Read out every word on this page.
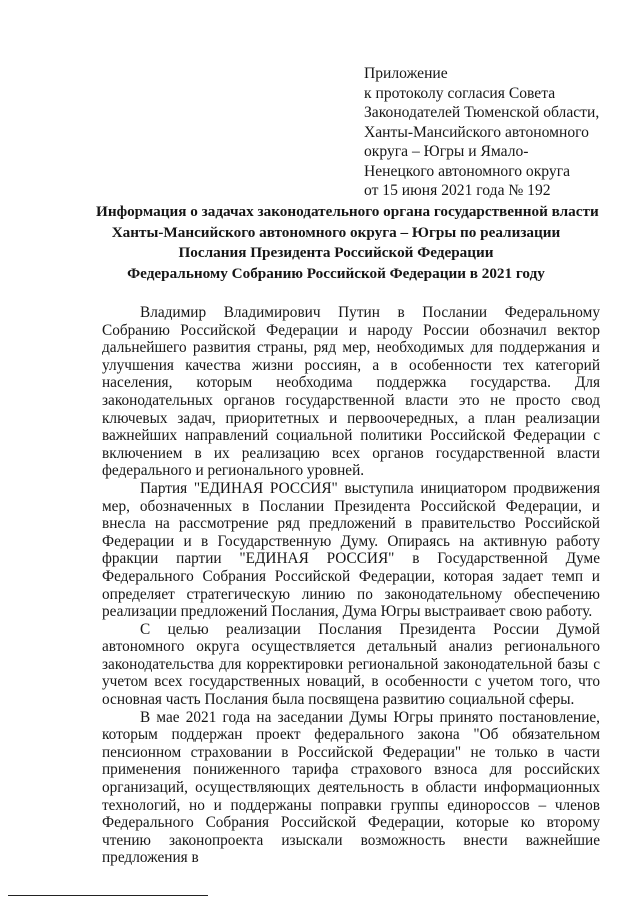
Приложение
к протоколу согласия Совета
Законодателей Тюменской области,
Ханты-Мансийского автономного
округа – Югры и Ямало-
Ненецкого автономного округа
от 15 июня 2021 года № 192
Информация о задачах законодательного органа государственной власти
Ханты-Мансийского автономного округа – Югры по реализации
Послания Президента Российской Федерации
Федеральному Собранию Российской Федерации в 2021 году

Владимир Владимирович Путин в Послании Федеральному Собранию Российской Федерации и народу России обозначил вектор дальнейшего развития страны, ряд мер, необходимых для поддержания и улучшения качества жизни россиян, а в особенности тех категорий населения, которым необходима поддержка государства. Для законодательных органов государственной власти это не просто свод ключевых задач, приоритетных и первоочередных, а план реализации важнейших направлений социальной политики Российской Федерации с включением в их реализацию всех органов государственной власти федерального и регионального уровней.

Партия "ЕДИНАЯ РОССИЯ" выступила инициатором продвижения мер, обозначенных в Послании Президента Российской Федерации, и внесла на рассмотрение ряд предложений в правительство Российской Федерации и в Государственную Думу. Опираясь на активную работу фракции партии "ЕДИНАЯ РОССИЯ" в Государственной Думе Федерального Собрания Российской Федерации, которая задает темп и определяет стратегическую линию по законодательному обеспечению реализации предложений Послания, Дума Югры выстраивает свою работу.

С целью реализации Послания Президента России Думой автономного округа осуществляется детальный анализ регионального законодательства для корректировки региональной законодательной базы с учетом всех государственных новаций, в особенности с учетом того, что основная часть Послания была посвящена развитию социальной сферы.

В мае 2021 года на заседании Думы Югры принято постановление, которым поддержан проект федерального закона "Об обязательном пенсионном страховании в Российской Федерации" не только в части применения пониженного тарифа страхового взноса для российских организаций, осуществляющих деятельность в области информационных технологий, но и поддержаны поправки группы единороссов – членов Федерального Собрания Российской Федерации, которые ко второму чтению законопроекта изыскали возможность внести важнейшие предложения в
